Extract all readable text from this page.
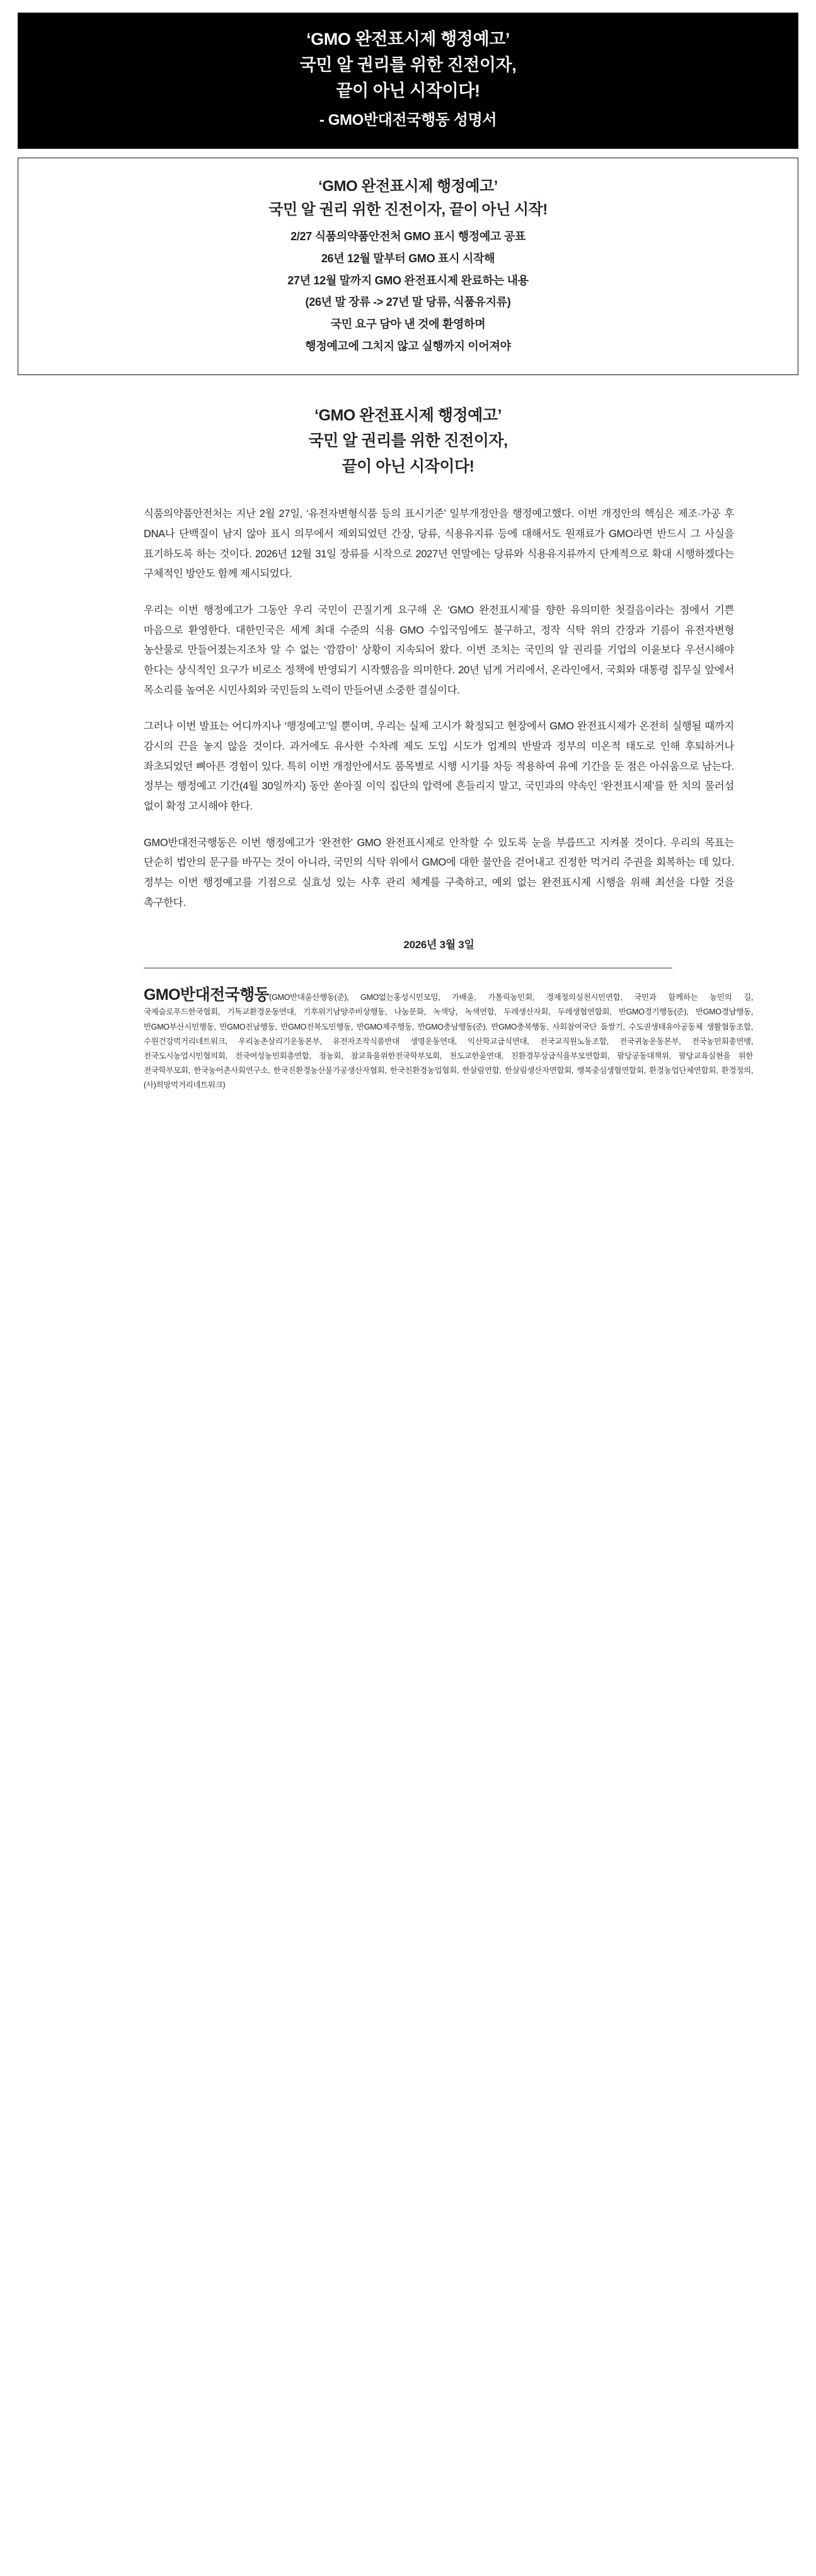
‘GMO 완전표시제 행정예고’
국민 알 권리를 위한 진전이자,
끝이 아닌 시작이다!
- GMO반대전국행동 성명서
‘GMO 완전표시제 행정예고’
국민 알 권리 위한 진전이자, 끝이 아닌 시작!
2/27 식품의약품안전처 GMO 표시 행정예고 공표
26년 12월 말부터 GMO 표시 시작해
27년 12월 말까지 GMO 완전표시제 완료하는 내용
(26년 말 장류 -> 27년 말 당류, 식품유지류)
국민 요구 담아 낸 것에 환영하며
행정예고에 그치지 않고 실행까지 이어져야
‘GMO 완전표시제 행정예고’
국민 알 권리를 위한 진전이자,
끝이 아닌 시작이다!

식품의약품안전처는 지난 2월 27일, ‘유전자변형식품 등의 표시기준’ 일부개정안을 행정예고했다. 이번 개정안의 핵심은 제조·가공 후 DNA나 단백질이 남지 않아 표시 의무에서 제외되었던 간장, 당류, 식용유지류 등에 대해서도 원재료가 GMO라면 반드시 그 사실을 표기하도록 하는 것이다. 2026년 12월 31일 장류를 시작으로 2027년 연말에는 당류와 식용유지류까지 단계적으로 확대 시행하겠다는 구체적인 방안도 함께 제시되었다.

우리는 이번 행정예고가 그동안 우리 국민이 끈질기게 요구해 온 ‘GMO 완전표시제’를 향한 유의미한 첫걸음이라는 점에서 기쁜 마음으로 환영한다. 대한민국은 세계 최대 수준의 식용 GMO 수입국임에도 불구하고, 정작 식탁 위의 간장과 기름이 유전자변형 농산물로 만들어졌는지조차 알 수 없는 ‘깜깜이’ 상황이 지속되어 왔다. 이번 조치는 국민의 알 권리를 기업의 이윤보다 우선시해야 한다는 상식적인 요구가 비로소 정책에 반영되기 시작했음을 의미한다. 20년 넘게 거리에서, 온라인에서, 국회와 대통령 집무실 앞에서 목소리를 높여온 시민사회와 국민들의 노력이 만들어낸 소중한 결실이다.

그러나 이번 발표는 어디까지나 ‘행정예고’일 뿐이며, 우리는 실제 고시가 확정되고 현장에서 GMO 완전표시제가 온전히 실행될 때까지 감시의 끈을 놓지 않을 것이다. 과거에도 유사한 수차례 제도 도입 시도가 업계의 반발과 정부의 미온적 태도로 인해 후퇴하거나 좌초되었던 뼈아픈 경험이 있다. 특히 이번 개정안에서도 품목별로 시행 시기를 차등 적용하여 유예 기간을 둔 점은 아쉬움으로 남는다. 정부는 행정예고 기간(4월 30일까지) 동안 쏟아질 이익 집단의 압력에 흔들리지 말고, 국민과의 약속인 ‘완전표시제’를 한 치의 물러섬 없이 확정 고시해야 한다.

GMO반대전국행동은 이번 행정예고가 ‘완전한’ GMO 완전표시제로 안착할 수 있도록 눈을 부릅뜨고 지켜볼 것이다. 우리의 목표는 단순히 법안의 문구를 바꾸는 것이 아니라, 국민의 식탁 위에서 GMO에 대한 불안을 걷어내고 진정한 먹거리 주권을 회복하는 데 있다. 정부는 이번 행정예고를 기점으로 실효성 있는 사후 관리 체계를 구축하고, 예외 없는 완전표시제 시행을 위해 최선을 다할 것을 촉구한다.

2026년 3월 3일
GMO반대전국행동(GMO반대울산행동(준), GMO없는홍성시민모임, 가배울, 가톨릭농민회, 경제정의실천시민연합, 국민과 함께하는 농민의 길, 국제슬로푸드한국협회, 기독교환경운동연대, 기후위기남양주비상행동, 나눔문화, 녹색당, 녹색연합, 두레생산자회, 두레생협연합회, 반GMO경기행동(준), 반GMO경남행동, 반GMO부산시민행동, 반GMO전남행동, 반GMO전북도민행동, 반GMO제주행동, 반GMO충남행동(준), 반GMO충북행동, 사회참여국단 돌쌀기, 수도권생태유아공동체 생활협동조합, 수원건강먹거리네트워크, 우리농촌살리기운동본부, 유전자조작식품반대 생명운동연대, 익산학교급식연대, 전국교직원노동조합, 전국귀농운동본부, 전국농민회총연맹, 전국도시농업시민협의회, 전국여성농민회총연합, 정농회, 참교육을위한전국학부모회, 천도교한울연대, 친환경무상급식을부모연합회, 팔당공동대책위, 팔당교육실현을 위한 전국학부모회, 한국농어촌사회연구소, 한국진환경농산물가공생산자협회, 한국친환경농업협회, 한살림연합, 한살림생산자연합회, 행복중심생협연합회, 환경농업단체연합회, 환경정의, (사)희망먹거리네트워크)
